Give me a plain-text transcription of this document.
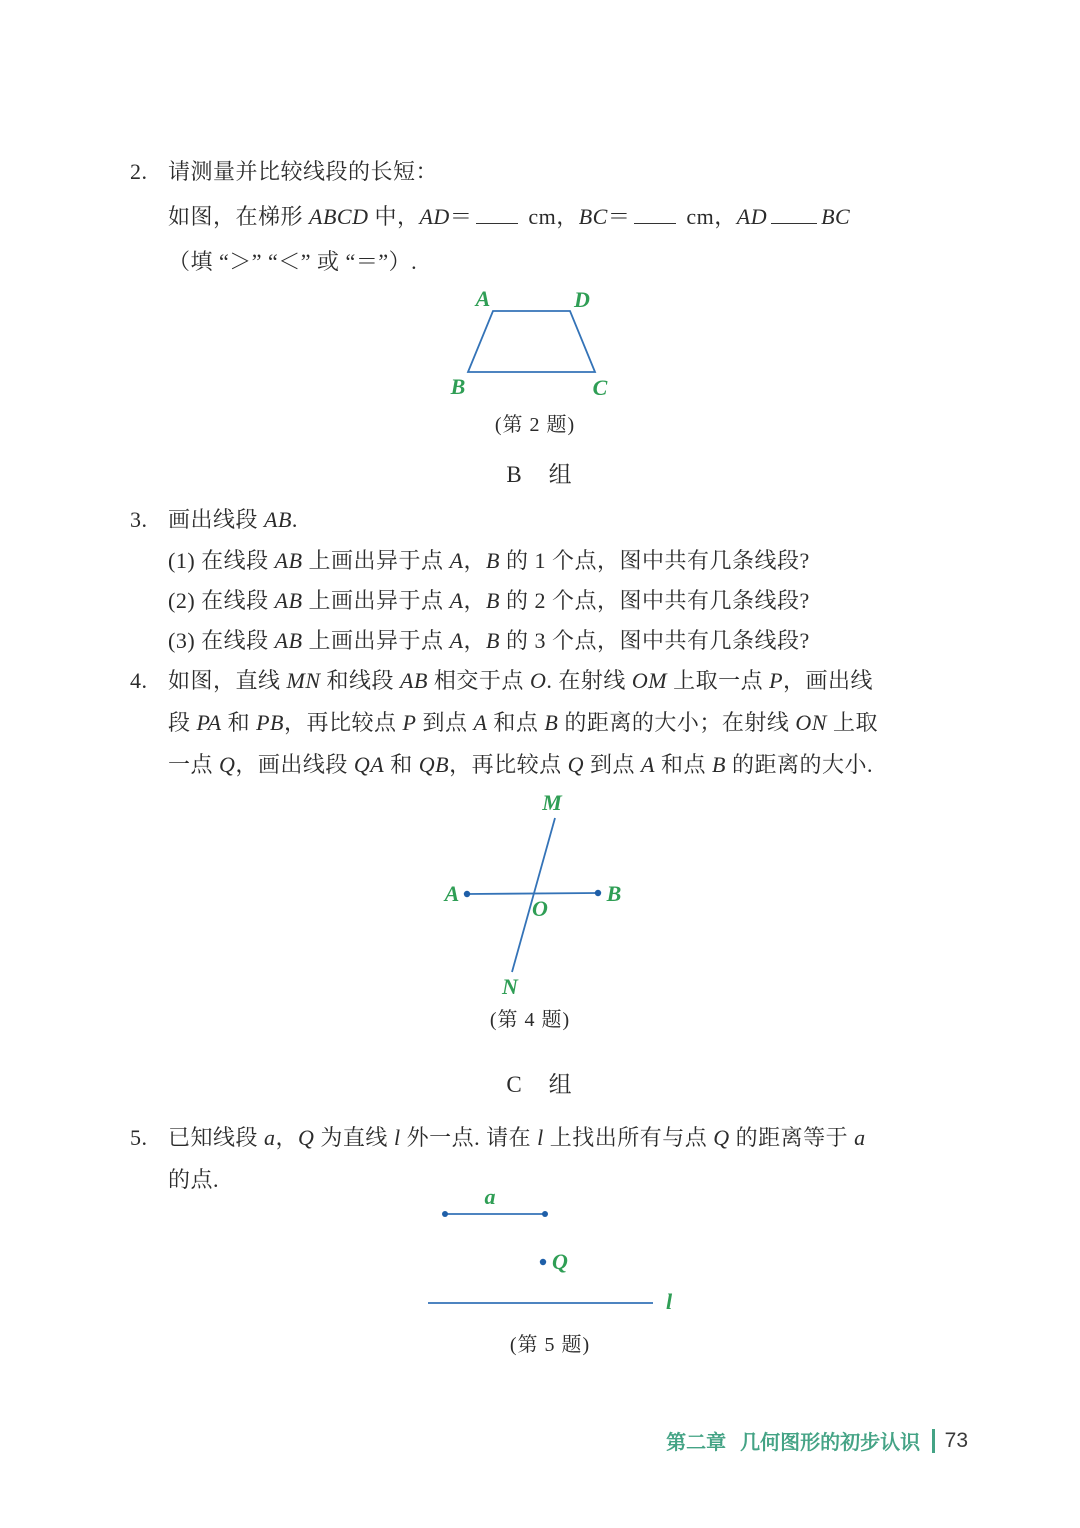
2. 请测量并比较线段的长短：
如图，在梯形 ABCD 中，AD＝ cm，BC＝ cm，AD BC
（填 “＞” “＜” 或 “＝”）.
A	D
B	C
(第 2 题)
B　组
3. 画出线段 AB.
(1) 在线段 AB 上画出异于点 A，B 的 1 个点，图中共有几条线段?
(2) 在线段 AB 上画出异于点 A，B 的 2 个点，图中共有几条线段?
(3) 在线段 AB 上画出异于点 A，B 的 3 个点，图中共有几条线段?
4. 如图，直线 MN 和线段 AB 相交于点 O. 在射线 OM 上取一点 P，画出线
段 PA 和 PB，再比较点 P 到点 A 和点 B 的距离的大小；在射线 ON 上取
一点 Q，画出线段 QA 和 QB，再比较点 Q 到点 A 和点 B 的距离的大小.
M
N
A	B
O
(第 4 题)
C　组
5. 已知线段 a，Q 为直线 l 外一点. 请在 l 上找出所有与点 Q 的距离等于 a
的点.
a
Q
l
(第 5 题)
第二章 几何图形的初步认识 73
